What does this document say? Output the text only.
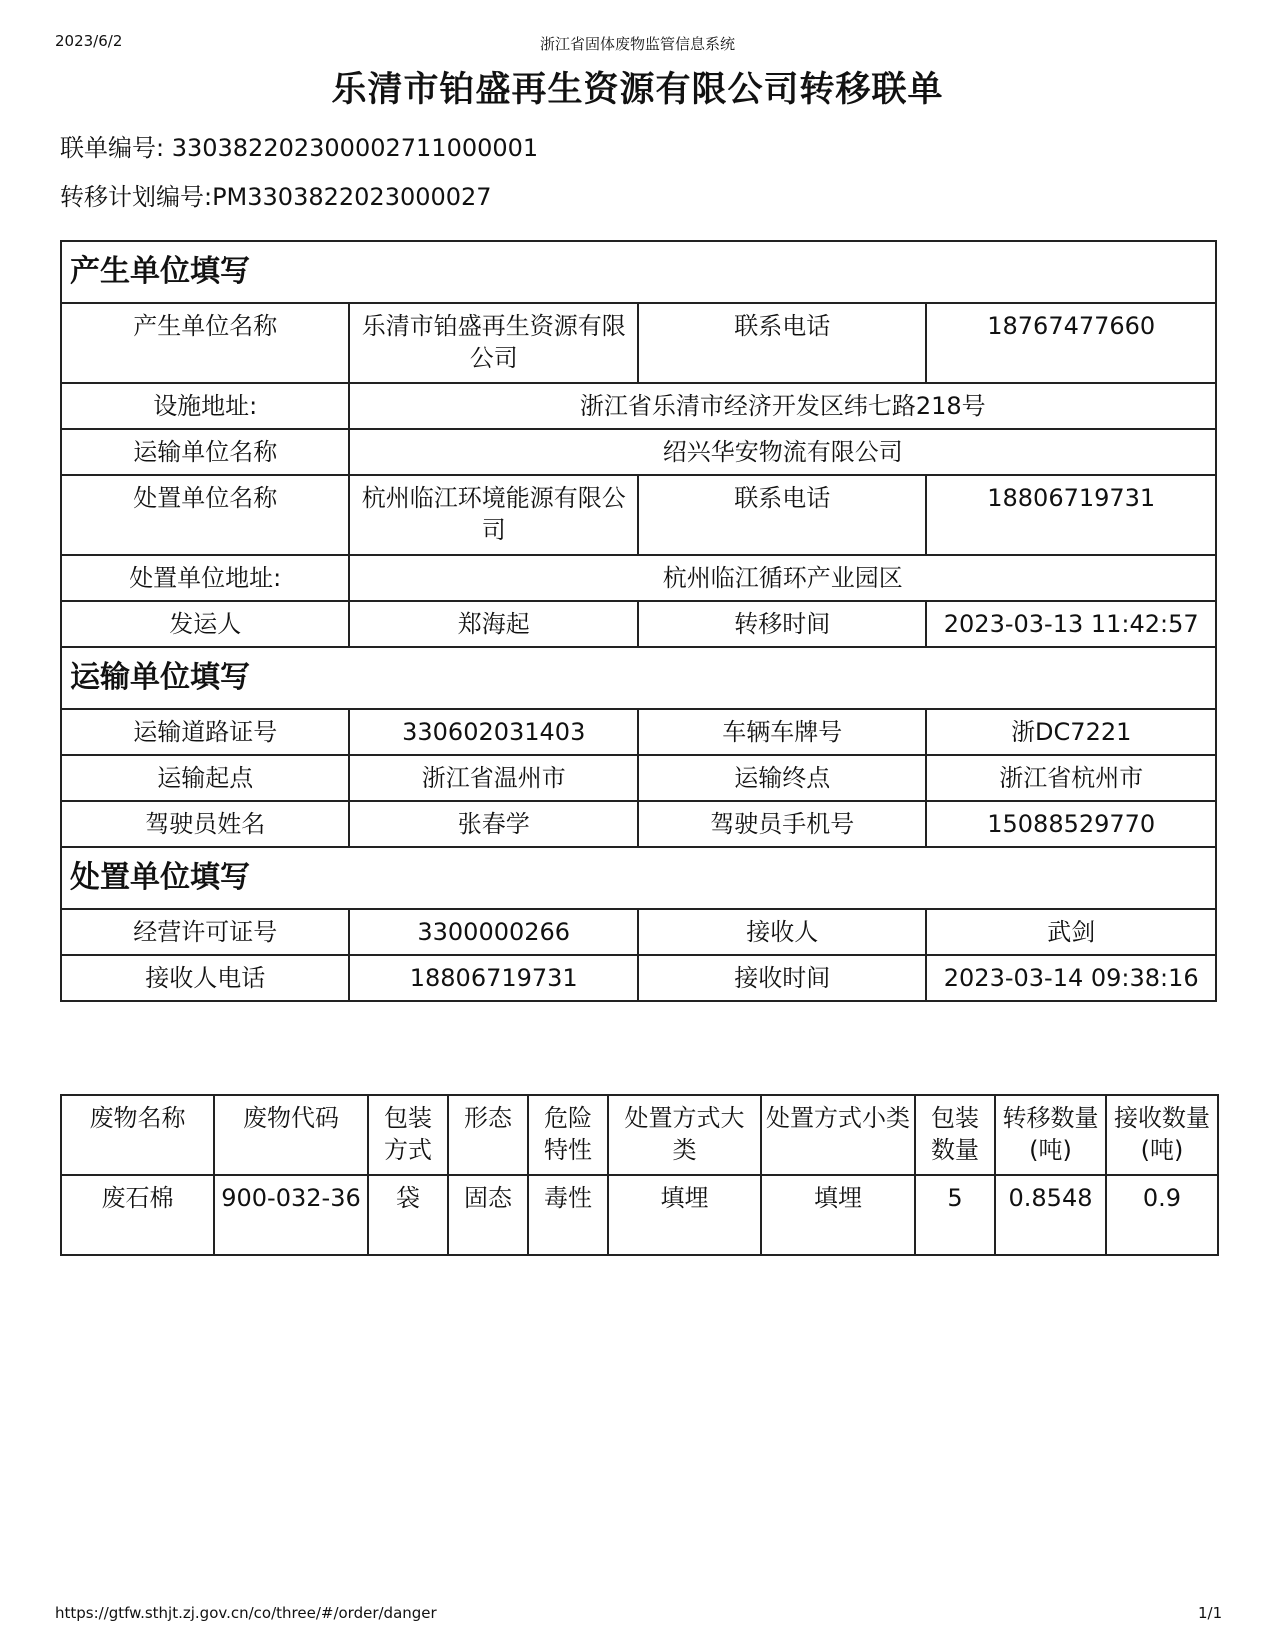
2023/6/2	浙江省固体废物监管信息系统
乐清市铂盛再生资源有限公司转移联单
联单编号: 330382202300002711000001
转移计划编号:PM3303822023000027
产生单位填写			
产生单位名称	乐清市铂盛再生资源有限公司	联系电话	18767477660
设施地址:	浙江省乐清市经济开发区纬七路218号		
运输单位名称	绍兴华安物流有限公司		
处置单位名称	杭州临江环境能源有限公司	联系电话	18806719731
处置单位地址:	杭州临江循环产业园区		
发运人	郑海起	转移时间	2023-03-13 11:42:57
运输单位填写			
运输道路证号	330602031403	车辆车牌号	浙DC7221
运输起点	浙江省温州市	运输终点	浙江省杭州市
驾驶员姓名	张春学	驾驶员手机号	15088529770
处置单位填写			
经营许可证号	3300000266	接收人	武剑
接收人电话	18806719731	接收时间	2023-03-14 09:38:16
废物名称	废物代码	包装方式	形态	危险特性	处置方式大类	处置方式小类	包装数量	转移数量(吨)	接收数量(吨)
废石棉	900-032-36	袋	固态	毒性	填埋	填埋	5	0.8548	0.9
https://gtfw.sthjt.zj.gov.cn/co/three/#/order/danger	1/1
